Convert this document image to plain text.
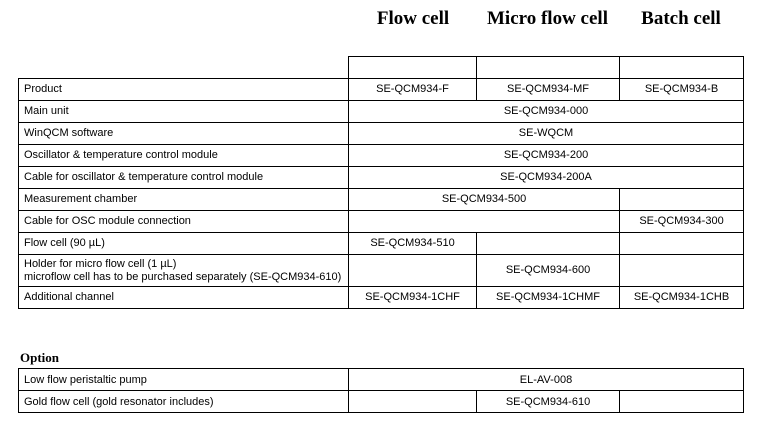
Flow cell	Micro flow cell	Batch cell
	Catalog No.	Catalog No.	Catalog No.
Product	SE-QCM934-F	SE-QCM934-MF	SE-QCM934-B
Main unit	SE-QCM934-000		
WinQCM software	SE-WQCM		
Oscillator & temperature control module	SE-QCM934-200		
Cable for oscillator & temperature control module	SE-QCM934-200A		
Measurement chamber	SE-QCM934-500		
Cable for OSC module connection			SE-QCM934-300
Flow cell (90 µL)	SE-QCM934-510		

Holder for micro flow cell (1 µL)
microflow cell has to be purchased separately (SE-QCM934-610)		SE-QCM934-600	
Additional channel	SE-QCM934-1CHF	SE-QCM934-1CHMF	SE-QCM934-1CHB
Option
Low flow peristaltic pump	EL-AV-008		
Gold flow cell (gold resonator includes)		SE-QCM934-610	
